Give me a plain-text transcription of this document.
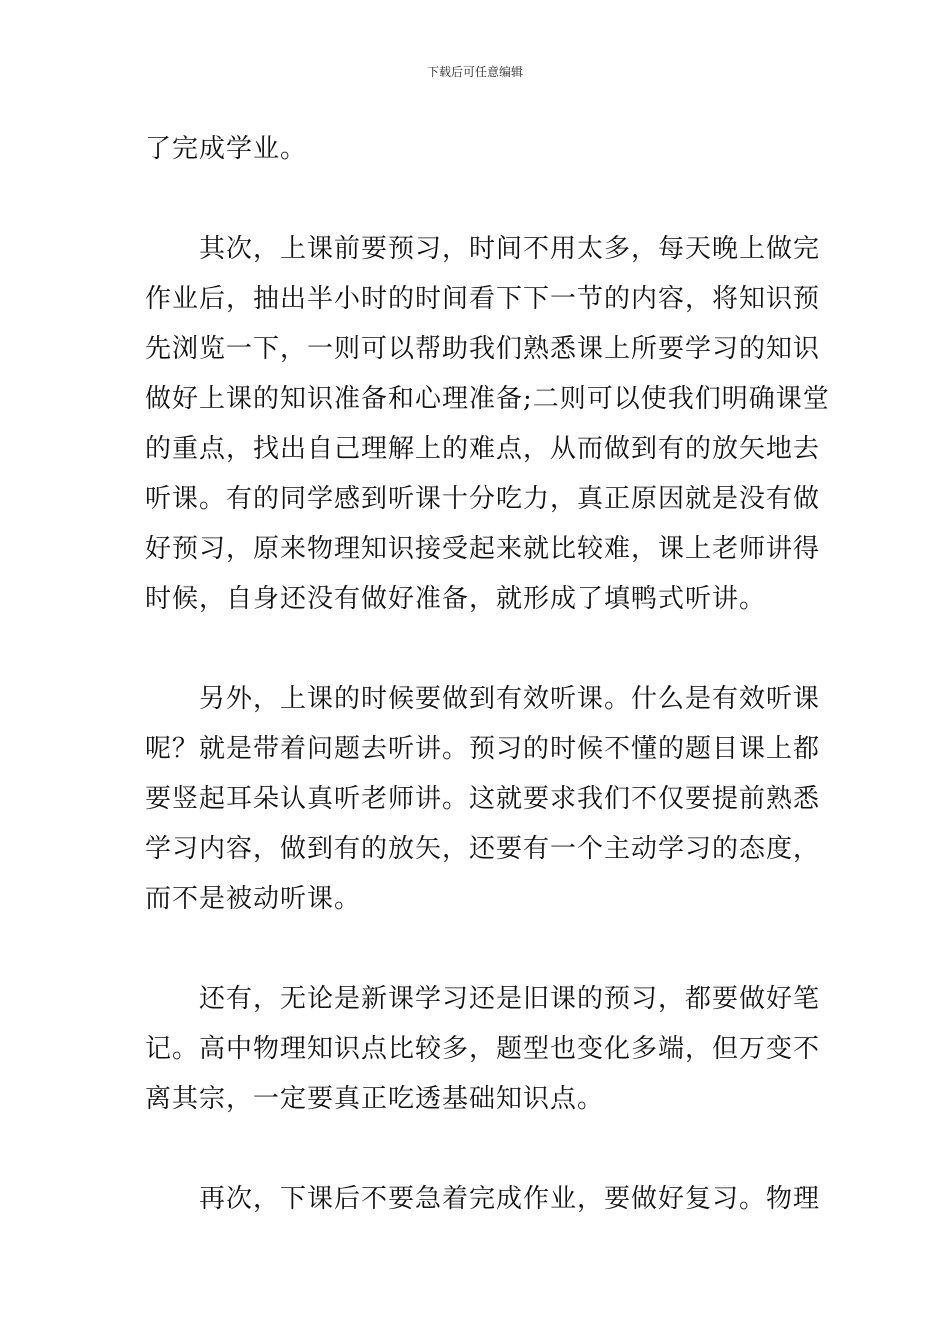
下载后可任意编辑
了完成学业。
其次，上课前要预习，时间不用太多，每天晚上做完
作业后，抽出半小时的时间看下下一节的内容，将知识预
先浏览一下，一则可以帮助我们熟悉课上所要学习的知识
做好上课的知识准备和心理准备;二则可以使我们明确课堂
的重点，找出自己理解上的难点，从而做到有的放矢地去
听课。有的同学感到听课十分吃力，真正原因就是没有做
好预习，原来物理知识接受起来就比较难，课上老师讲得
时候，自身还没有做好准备，就形成了填鸭式听讲。
另外，上课的时候要做到有效听课。什么是有效听课
呢？就是带着问题去听讲。预习的时候不懂的题目课上都
要竖起耳朵认真听老师讲。这就要求我们不仅要提前熟悉
学习内容，做到有的放矢，还要有一个主动学习的态度，
而不是被动听课。
还有，无论是新课学习还是旧课的预习，都要做好笔
记。高中物理知识点比较多，题型也变化多端，但万变不
离其宗，一定要真正吃透基础知识点。
再次，下课后不要急着完成作业，要做好复习。物理
